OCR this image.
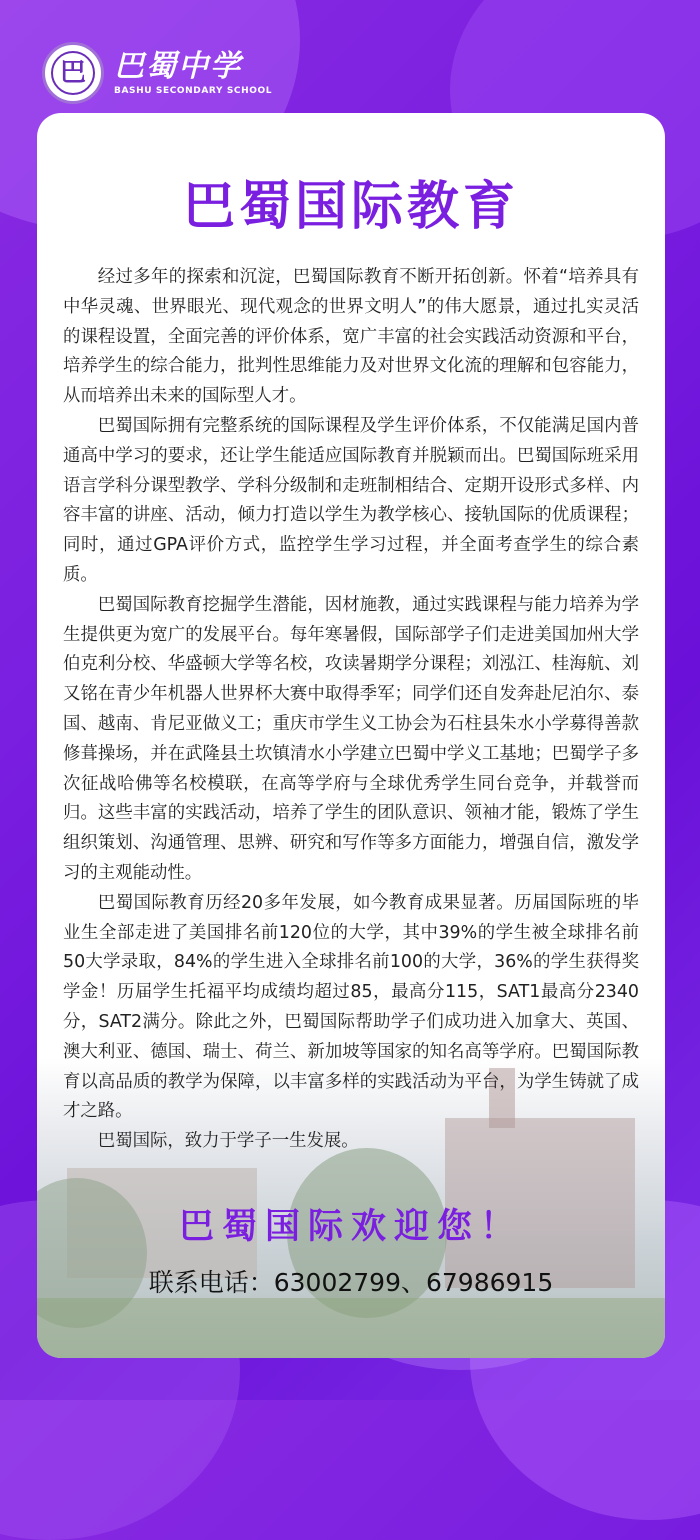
巴 巴蜀中学
BASHU SECONDARY SCHOOL
巴蜀国际教育

经过多年的探索和沉淀，巴蜀国际教育不断开拓创新。怀着“培养具有中华灵魂、世界眼光、现代观念的世界文明人”的伟大愿景，通过扎实灵活的课程设置，全面完善的评价体系，宽广丰富的社会实践活动资源和平台，培养学生的综合能力，批判性思维能力及对世界文化流的理解和包容能力，从而培养出未来的国际型人才。

巴蜀国际拥有完整系统的国际课程及学生评价体系，不仅能满足国内普通高中学习的要求，还让学生能适应国际教育并脱颖而出。巴蜀国际班采用语言学科分课型教学、学科分级制和走班制相结合、定期开设形式多样、内容丰富的讲座、活动，倾力打造以学生为教学核心、接轨国际的优质课程；同时，通过GPA评价方式，监控学生学习过程，并全面考查学生的综合素质。

巴蜀国际教育挖掘学生潜能，因材施教，通过实践课程与能力培养为学生提供更为宽广的发展平台。每年寒暑假，国际部学子们走进美国加州大学伯克利分校、华盛顿大学等名校，攻读暑期学分课程；刘泓江、桂海航、刘又铭在青少年机器人世界杯大赛中取得季军；同学们还自发奔赴尼泊尔、泰国、越南、肯尼亚做义工；重庆市学生义工协会为石柱县朱水小学募得善款修葺操场，并在武隆县土坎镇清水小学建立巴蜀中学义工基地；巴蜀学子多次征战哈佛等名校模联，在高等学府与全球优秀学生同台竞争，并载誉而归。这些丰富的实践活动，培养了学生的团队意识、领袖才能，锻炼了学生组织策划、沟通管理、思辨、研究和写作等多方面能力，增强自信，激发学习的主观能动性。

巴蜀国际教育历经20多年发展，如今教育成果显著。历届国际班的毕业生全部走进了美国排名前120位的大学，其中39%的学生被全球排名前50大学录取，84%的学生进入全球排名前100的大学，36%的学生获得奖学金！历届学生托福平均成绩均超过85，最高分115，SAT1最高分2340分，SAT2满分。除此之外，巴蜀国际帮助学子们成功进入加拿大、英国、澳大利亚、德国、瑞士、荷兰、新加坡等国家的知名高等学府。巴蜀国际教育以高品质的教学为保障，以丰富多样的实践活动为平台，为学生铸就了成才之路。

巴蜀国际，致力于学子一生发展。

巴蜀国际欢迎您！
联系电话：63002799、67986915
